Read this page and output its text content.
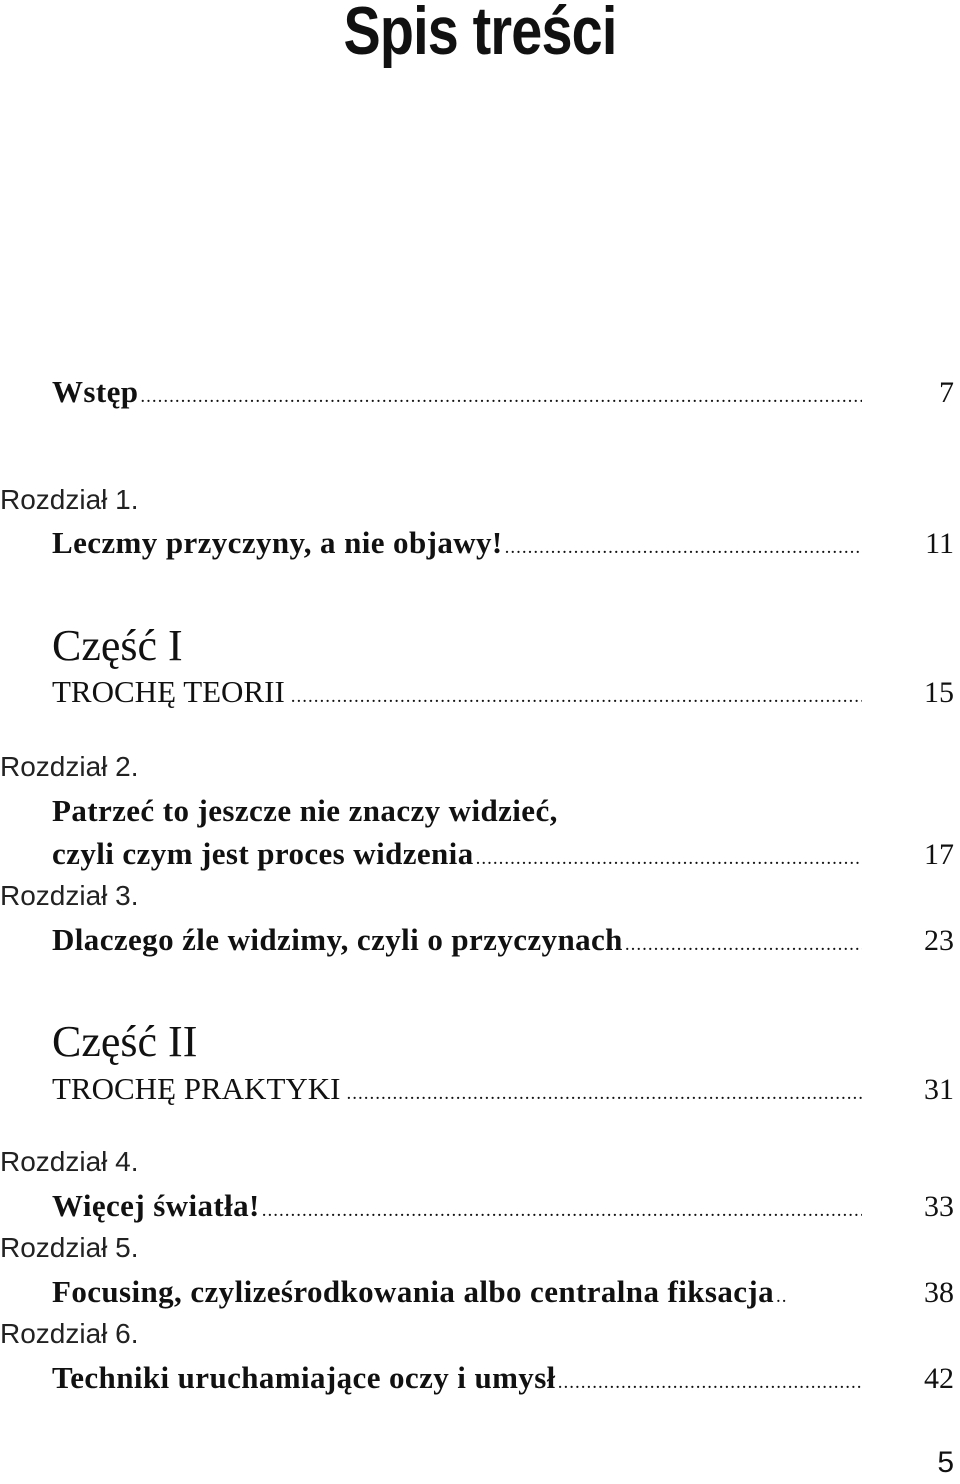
Spis treści
Wstęp .....	7
Rozdział 1.
Leczmy przyczyny, a nie objawy! .....	11
Część I
TROCHĘ TEORII .....	15
Rozdział 2.
Patrzeć to jeszcze nie znaczy widzieć,
czyli czym jest proces widzenia .....	17
Rozdział 3.
Dlaczego źle widzimy, czyli o przyczynach .....	23
Część II
TROCHĘ PRAKTYKI .....	31
Rozdział 4.
Więcej światła! .....	33
Rozdział 5.
Focusing, czyliześrodkowania albo centralna fiksacja ..	38
Rozdział 6.
Techniki uruchamiające oczy i umysł .....	42
5
